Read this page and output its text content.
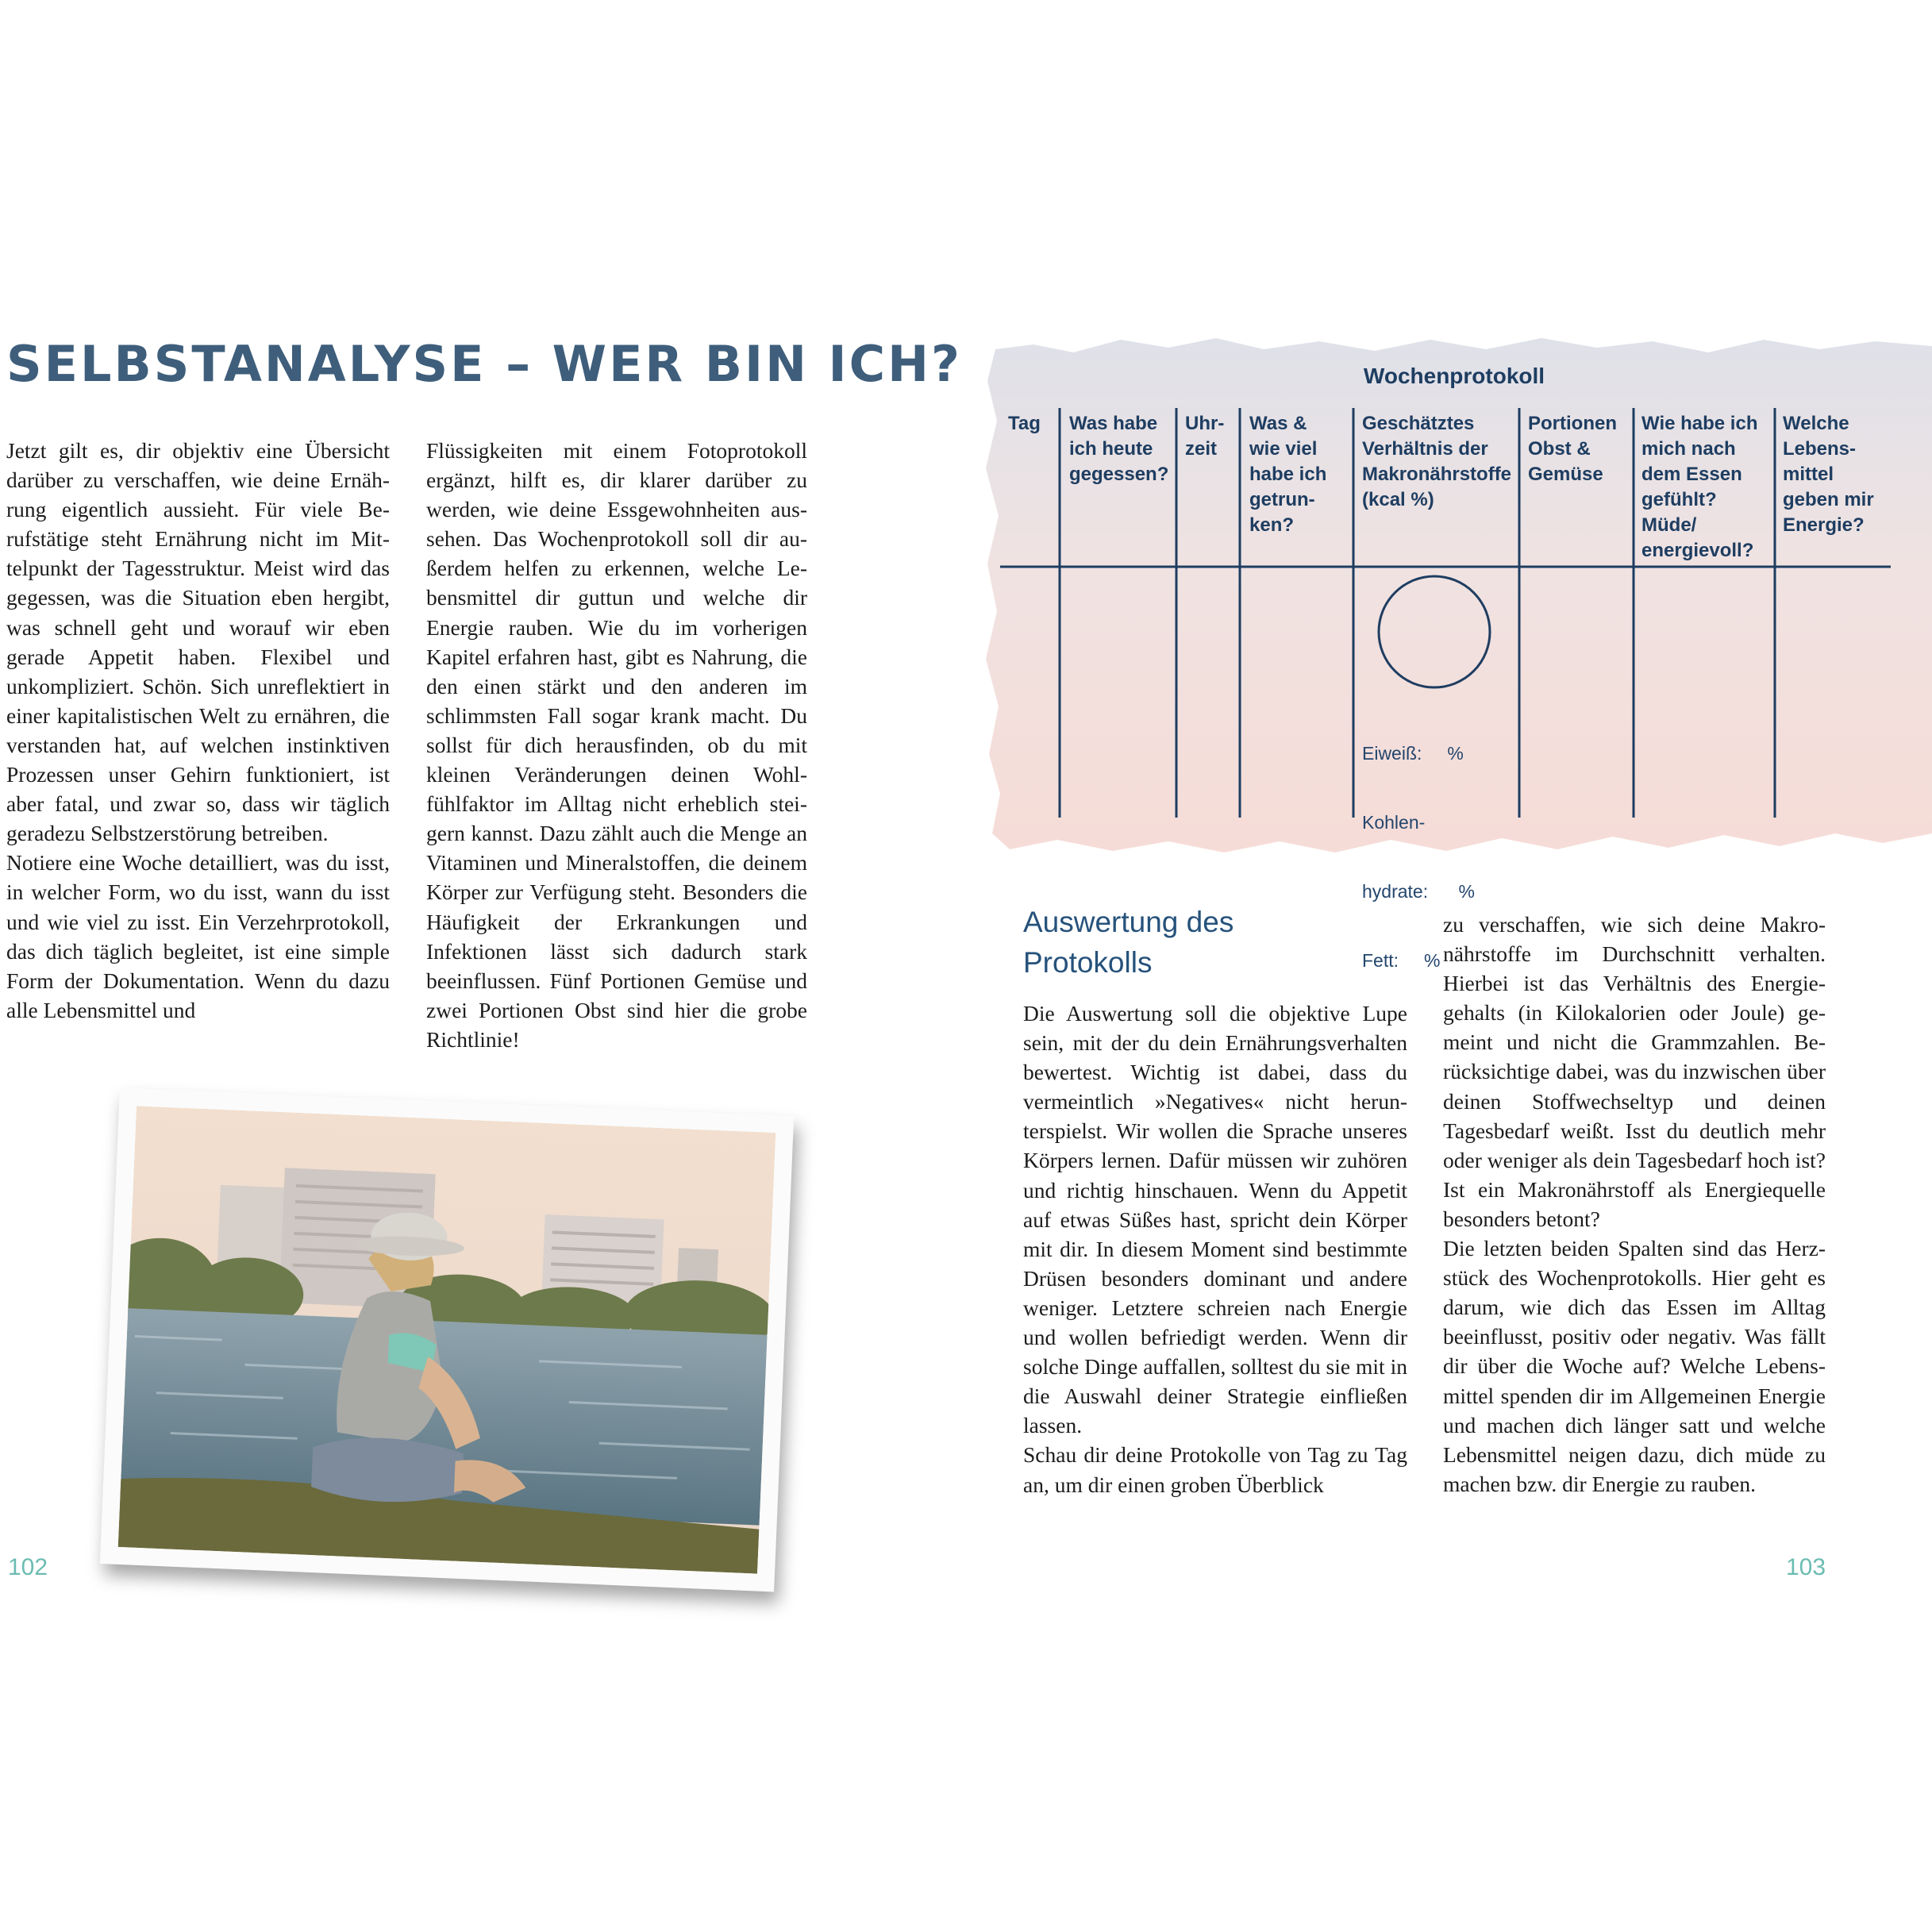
SELBSTANALYSE – WER BIN ICH?

Jetzt gilt es, dir objektiv eine Übersicht darüber zu verschaffen, wie deine Ernährung eigentlich aussieht. Für viele Berufstätige steht Ernährung nicht im Mittelpunkt der Tagesstruktur. Meist wird das gegessen, was die Situation eben hergibt, was schnell geht und worauf wir eben gerade Appetit haben. Flexibel und unkompliziert. Schön. Sich unreflektiert in einer kapitalistischen Welt zu ernähren, die verstanden hat, auf welchen instinktiven Prozessen unser Gehirn funktioniert, ist aber fatal, und zwar so, dass wir täglich geradezu Selbstzerstörung betreiben.

Notiere eine Woche detailliert, was du isst, in welcher Form, wo du isst, wann du isst und wie viel zu isst. Ein Verzehrprotokoll, das dich täglich begleitet, ist eine simple Form der Dokumentation. Wenn du dazu alle Lebensmittel und

Flüssigkeiten mit einem Fotoprotokoll ergänzt, hilft es, dir klarer darüber zu werden, wie deine Essgewohnheiten aussehen. Das Wochenprotokoll soll dir außerdem helfen zu erkennen, welche Lebensmittel dir guttun und welche dir Energie rauben. Wie du im vorherigen Kapitel erfahren hast, gibt es Nahrung, die den einen stärkt und den anderen im schlimmsten Fall sogar krank macht. Du sollst für dich herausfinden, ob du mit kleinen Veränderungen deinen Wohlfühlfaktor im Alltag nicht erheblich steigern kannst. Dazu zählt auch die Menge an Vitaminen und Mineralstoffen, die deinem Körper zur Verfügung steht. Besonders die Häufigkeit der Erkrankungen und Infektionen lässt sich dadurch stark beeinflussen. Fünf Portionen Gemüse und zwei Portionen Obst sind hier die grobe Richtlinie!

102
Wochenprotokoll
Tag	Was habe
ich heute
gegessen?
Uhr-
zeit
Was &
wie viel
habe ich
getrun-
ken?
Geschätztes
Verhältnis der
Makronährstoffe
(kcal %)
Portionen
Obst &
Gemüse
Wie habe ich
mich nach
dem Essen
gefühlt?
Müde/
energievoll?
Welche
Lebens-
mittel
geben mir
Energie?

Eiweiß:     %

Kohlen-

hydrate:      %

Fett:     %

Auswertung des
Protokolls

Die Auswertung soll die objektive Lupe sein, mit der du dein Ernährungsverhalten bewertest. Wichtig ist dabei, dass du vermeintlich »Negatives« nicht herunterspielst. Wir wollen die Sprache unseres Körpers lernen. Dafür müssen wir zuhören und richtig hinschauen. Wenn du Appetit auf etwas Süßes hast, spricht dein Körper mit dir. In diesem Moment sind bestimmte Drüsen besonders dominant und andere weniger. Letztere schreien nach Energie und wollen befriedigt werden. Wenn dir solche Dinge auffallen, solltest du sie mit in die Auswahl deiner Strategie einfließen lassen.

Schau dir deine Protokolle von Tag zu Tag an, um dir einen groben Überblick

zu verschaffen, wie sich deine Makronährstoffe im Durchschnitt verhalten. Hierbei ist das Verhältnis des Energiegehalts (in Kilokalorien oder Joule) gemeint und nicht die Grammzahlen. Berücksichtige dabei, was du inzwischen über deinen Stoffwechseltyp und deinen Tagesbedarf weißt. Isst du deutlich mehr oder weniger als dein Tagesbedarf hoch ist? Ist ein Makronährstoff als Energiequelle besonders betont?

Die letzten beiden Spalten sind das Herzstück des Wochenprotokolls. Hier geht es darum, wie dich das Essen im Alltag beeinflusst, positiv oder negativ. Was fällt dir über die Woche auf? Welche Lebensmittel spenden dir im Allgemeinen Energie und machen dich länger satt und welche Lebensmittel neigen dazu, dich müde zu machen bzw. dir Energie zu rauben.

103
